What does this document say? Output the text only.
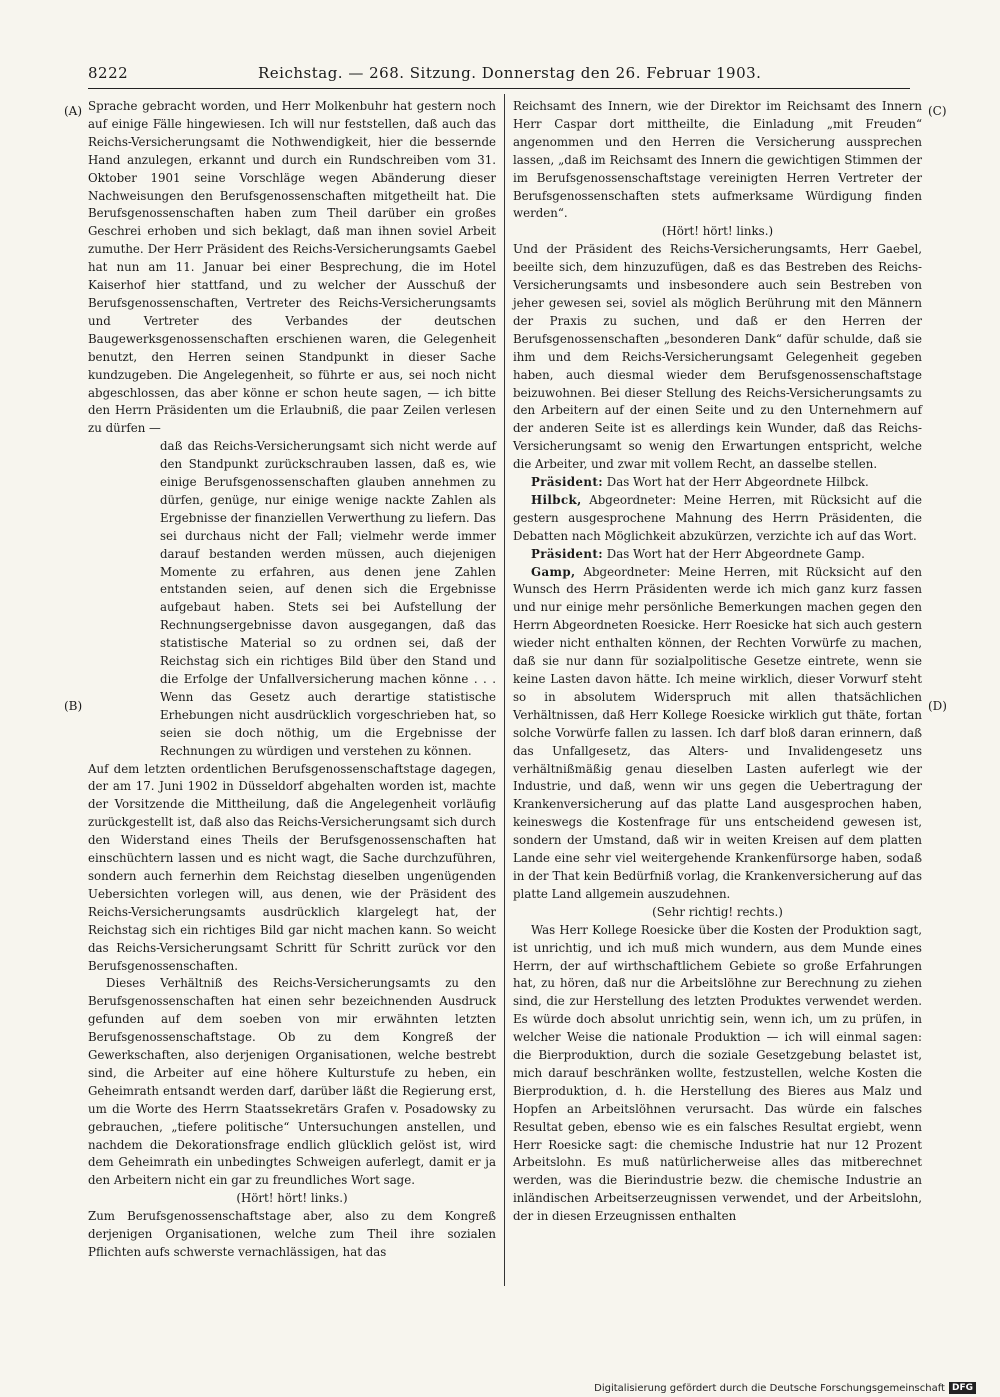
8222	Reichstag. — 268. Sitzung. Donnerstag den 26. Februar 1903.
(A)
(B)
(C)
(D)

Sprache gebracht worden, und Herr Molkenbuhr hat gestern noch auf einige Fälle hingewiesen. Ich will nur feststellen, daß auch das Reichs-Versicherungsamt die Nothwendigkeit, hier die bessernde Hand anzulegen, erkannt und durch ein Rundschreiben vom 31. Oktober 1901 seine Vorschläge wegen Abänderung dieser Nachweisungen den Berufsgenossenschaften mitgetheilt hat. Die Berufsgenossenschaften haben zum Theil darüber ein großes Geschrei erhoben und sich beklagt, daß man ihnen soviel Arbeit zumuthe. Der Herr Präsident des Reichs-Versicherungsamts Gaebel hat nun am 11. Januar bei einer Besprechung, die im Hotel Kaiserhof hier stattfand, und zu welcher der Ausschuß der Berufsgenossenschaften, Vertreter des Reichs-Versicherungsamts und Vertreter des Verbandes der deutschen Baugewerksgenossenschaften erschienen waren, die Gelegenheit benutzt, den Herren seinen Standpunkt in dieser Sache kundzugeben. Die Angelegenheit, so führte er aus, sei noch nicht abgeschlossen, das aber könne er schon heute sagen, — ich bitte den Herrn Präsidenten um die Erlaubniß, die paar Zeilen verlesen zu dürfen —

daß das Reichs-Versicherungsamt sich nicht werde auf den Standpunkt zurückschrauben lassen, daß es, wie einige Berufsgenossenschaften glauben annehmen zu dürfen, genüge, nur einige wenige nackte Zahlen als Ergebnisse der finanziellen Verwerthung zu liefern. Das sei durchaus nicht der Fall; vielmehr werde immer darauf bestanden werden müssen, auch diejenigen Momente zu erfahren, aus denen jene Zahlen entstanden seien, auf denen sich die Ergebnisse aufgebaut haben. Stets sei bei Aufstellung der Rechnungsergebnisse davon ausgegangen, daß das statistische Material so zu ordnen sei, daß der Reichstag sich ein richtiges Bild über den Stand und die Erfolge der Unfallversicherung machen könne . . . Wenn das Gesetz auch derartige statistische Erhebungen nicht ausdrücklich vorgeschrieben hat, so seien sie doch nöthig, um die Ergebnisse der Rechnungen zu würdigen und verstehen zu können.

Auf dem letzten ordentlichen Berufsgenossenschaftstage dagegen, der am 17. Juni 1902 in Düsseldorf abgehalten worden ist, machte der Vorsitzende die Mittheilung, daß die Angelegenheit vorläufig zurückgestellt ist, daß also das Reichs-Versicherungsamt sich durch den Widerstand eines Theils der Berufsgenossenschaften hat einschüchtern lassen und es nicht wagt, die Sache durchzuführen, sondern auch fernerhin dem Reichstag dieselben ungenügenden Uebersichten vorlegen will, aus denen, wie der Präsident des Reichs-Versicherungsamts ausdrücklich klargelegt hat, der Reichstag sich ein richtiges Bild gar nicht machen kann. So weicht das Reichs-Versicherungsamt Schritt für Schritt zurück vor den Berufsgenossenschaften.

Dieses Verhältniß des Reichs-Versicherungsamts zu den Berufsgenossenschaften hat einen sehr bezeichnenden Ausdruck gefunden auf dem soeben von mir erwähnten letzten Berufsgenossenschaftstage. Ob zu dem Kongreß der Gewerkschaften, also derjenigen Organisationen, welche bestrebt sind, die Arbeiter auf eine höhere Kulturstufe zu heben, ein Geheimrath entsandt werden darf, darüber läßt die Regierung erst, um die Worte des Herrn Staatssekretärs Grafen v. Posadowsky zu gebrauchen, „tiefere politische“ Untersuchungen anstellen, und nachdem die Dekorationsfrage endlich glücklich gelöst ist, wird dem Geheimrath ein unbedingtes Schweigen auferlegt, damit er ja den Arbeitern nicht ein gar zu freundliches Wort sage.

(Hört! hört! links.)

Zum Berufsgenossenschaftstage aber, also zu dem Kongreß derjenigen Organisationen, welche zum Theil ihre sozialen Pflichten aufs schwerste vernachlässigen, hat das

Reichsamt des Innern, wie der Direktor im Reichsamt des Innern Herr Caspar dort mittheilte, die Einladung „mit Freuden“ angenommen und den Herren die Versicherung aussprechen lassen, „daß im Reichsamt des Innern die gewichtigen Stimmen der im Berufsgenossenschaftstage vereinigten Herren Vertreter der Berufsgenossenschaften stets aufmerksame Würdigung finden werden“.

(Hört! hört! links.)

Und der Präsident des Reichs-Versicherungsamts, Herr Gaebel, beeilte sich, dem hinzuzufügen, daß es das Bestreben des Reichs-Versicherungsamts und insbesondere auch sein Bestreben von jeher gewesen sei, soviel als möglich Berührung mit den Männern der Praxis zu suchen, und daß er den Herren der Berufsgenossenschaften „besonderen Dank“ dafür schulde, daß sie ihm und dem Reichs-Versicherungsamt Gelegenheit gegeben haben, auch diesmal wieder dem Berufsgenossenschaftstage beizuwohnen. Bei dieser Stellung des Reichs-Versicherungsamts zu den Arbeitern auf der einen Seite und zu den Unternehmern auf der anderen Seite ist es allerdings kein Wunder, daß das Reichs-Versicherungsamt so wenig den Erwartungen entspricht, welche die Arbeiter, und zwar mit vollem Recht, an dasselbe stellen.

Präsident: Das Wort hat der Herr Abgeordnete Hilbck.

Hilbck, Abgeordneter: Meine Herren, mit Rücksicht auf die gestern ausgesprochene Mahnung des Herrn Präsidenten, die Debatten nach Möglichkeit abzukürzen, verzichte ich auf das Wort.

Präsident: Das Wort hat der Herr Abgeordnete Gamp.

Gamp, Abgeordneter: Meine Herren, mit Rücksicht auf den Wunsch des Herrn Präsidenten werde ich mich ganz kurz fassen und nur einige mehr persönliche Bemerkungen machen gegen den Herrn Abgeordneten Roesicke. Herr Roesicke hat sich auch gestern wieder nicht enthalten können, der Rechten Vorwürfe zu machen, daß sie nur dann für sozialpolitische Gesetze eintrete, wenn sie keine Lasten davon hätte. Ich meine wirklich, dieser Vorwurf steht so in absolutem Widerspruch mit allen thatsächlichen Verhältnissen, daß Herr Kollege Roesicke wirklich gut thäte, fortan solche Vorwürfe fallen zu lassen. Ich darf bloß daran erinnern, daß das Unfallgesetz, das Alters- und Invalidengesetz uns verhältnißmäßig genau dieselben Lasten auferlegt wie der Industrie, und daß, wenn wir uns gegen die Uebertragung der Krankenversicherung auf das platte Land ausgesprochen haben, keineswegs die Kostenfrage für uns entscheidend gewesen ist, sondern der Umstand, daß wir in weiten Kreisen auf dem platten Lande eine sehr viel weitergehende Krankenfürsorge haben, sodaß in der That kein Bedürfniß vorlag, die Krankenversicherung auf das platte Land allgemein auszudehnen.

(Sehr richtig! rechts.)

Was Herr Kollege Roesicke über die Kosten der Produktion sagt, ist unrichtig, und ich muß mich wundern, aus dem Munde eines Herrn, der auf wirthschaftlichem Gebiete so große Erfahrungen hat, zu hören, daß nur die Arbeitslöhne zur Berechnung zu ziehen sind, die zur Herstellung des letzten Produktes verwendet werden. Es würde doch absolut unrichtig sein, wenn ich, um zu prüfen, in welcher Weise die nationale Produktion — ich will einmal sagen: die Bierproduktion, durch die soziale Gesetzgebung belastet ist, mich darauf beschränken wollte, festzustellen, welche Kosten die Bierproduktion, d. h. die Herstellung des Bieres aus Malz und Hopfen an Arbeitslöhnen verursacht. Das würde ein falsches Resultat geben, ebenso wie es ein falsches Resultat ergiebt, wenn Herr Roesicke sagt: die chemische Industrie hat nur 12 Prozent Arbeitslohn. Es muß natürlicherweise alles das mitberechnet werden, was die Bierindustrie bezw. die chemische Industrie an inländischen Arbeitserzeugnissen verwendet, und der Arbeitslohn, der in diesen Erzeugnissen enthalten

Digitalisierung gefördert durch die Deutsche Forschungsgemeinschaft DFG
